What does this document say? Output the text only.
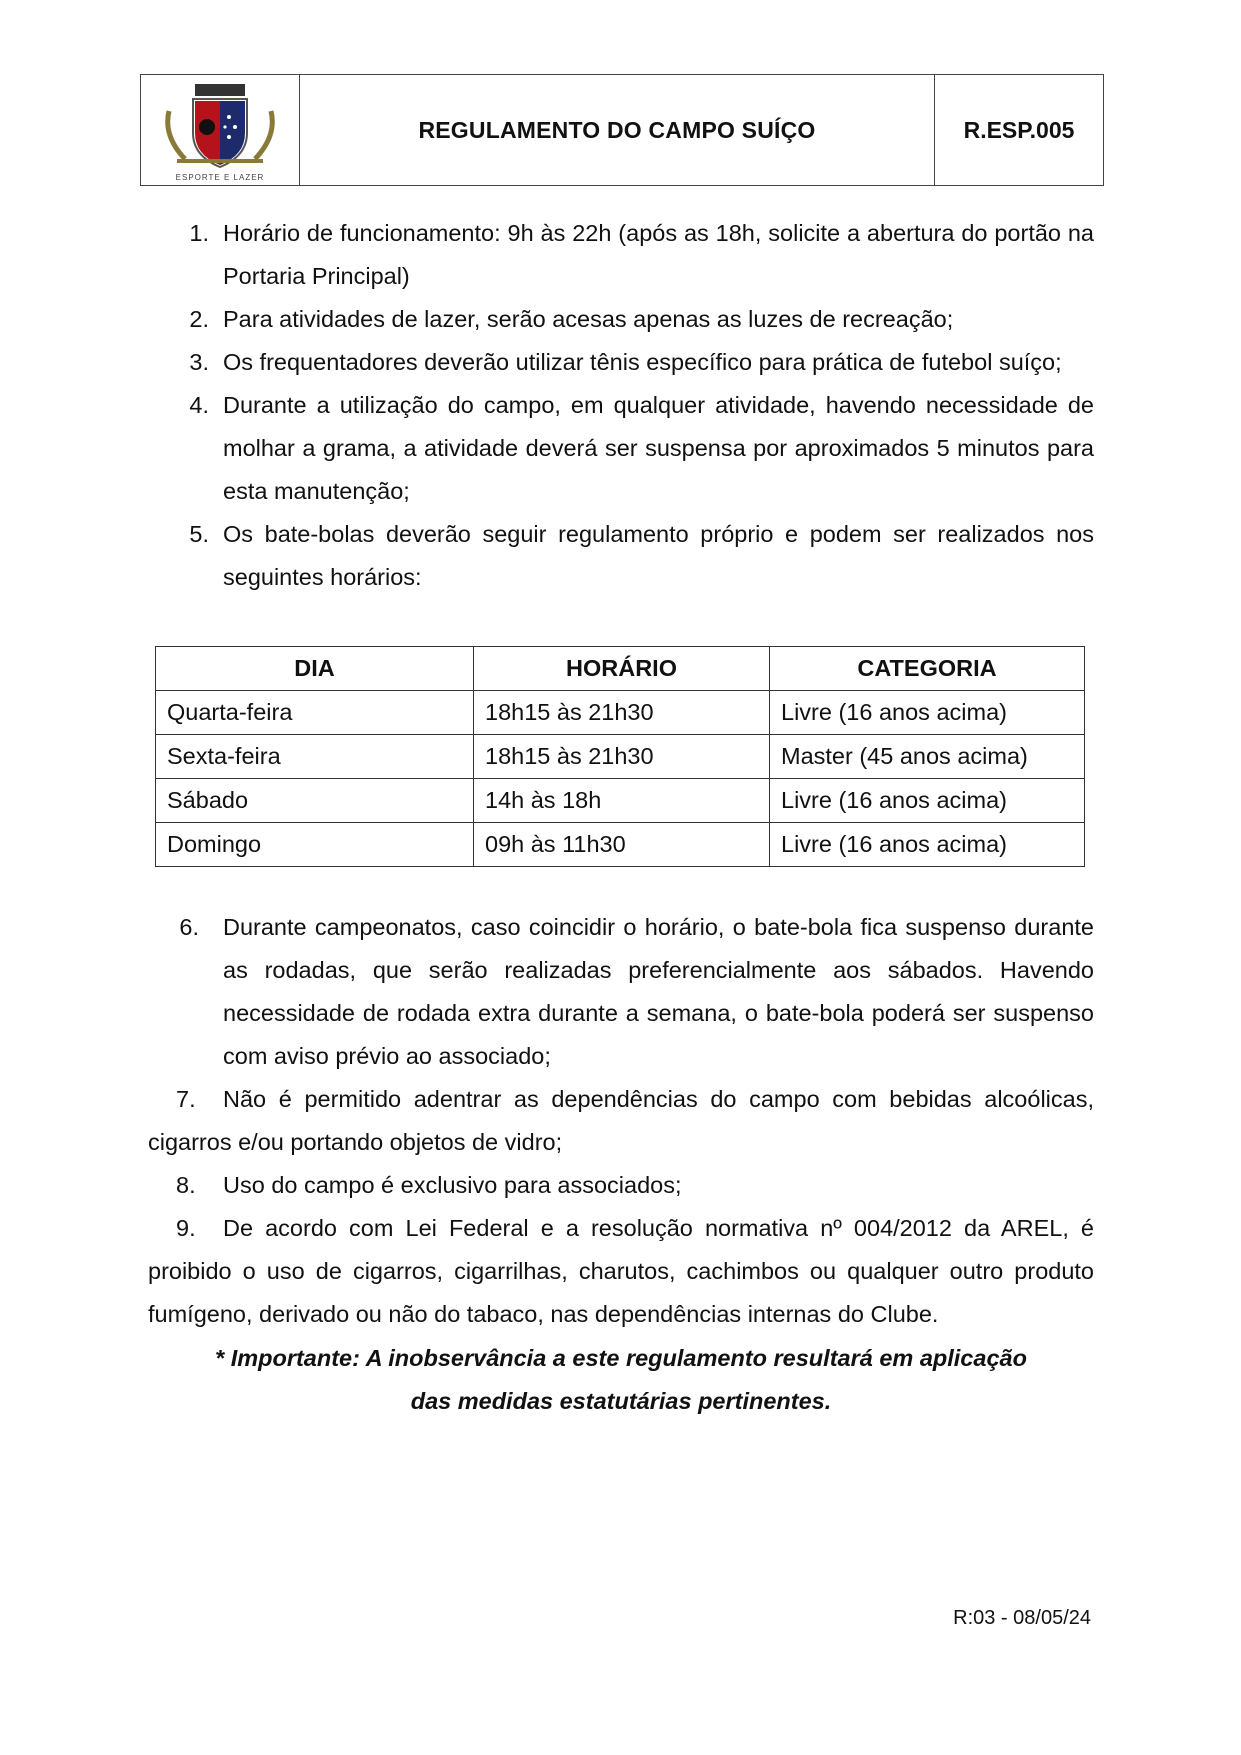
ESPORTE E LAZER
REGULAMENTO DO CAMPO SUÍÇO	R.ESP.005
1. Horário de funcionamento: 9h às 22h (após as 18h, solicite a abertura do portão na Portaria Principal)
2. Para atividades de lazer, serão acesas apenas as luzes de recreação;
3. Os frequentadores deverão utilizar tênis específico para prática de futebol suíço;
4. Durante a utilização do campo, em qualquer atividade, havendo necessidade de molhar a grama, a atividade deverá ser suspensa por aproximados 5 minutos para esta manutenção;
5. Os bate-bolas deverão seguir regulamento próprio e podem ser realizados nos seguintes horários:
DIA	HORÁRIO	CATEGORIA
Quarta-feira	18h15 às 21h30	Livre (16 anos acima)
Sexta-feira	18h15 às 21h30	Master (45 anos acima)
Sábado	14h às 18h	Livre (16 anos acima)
Domingo	09h às 11h30	Livre (16 anos acima)
6.	Durante campeonatos, caso coincidir o horário, o bate-bola fica suspenso durante as rodadas, que serão realizadas preferencialmente aos sábados. Havendo necessidade de rodada extra durante a semana, o bate-bola poderá ser suspenso com aviso prévio ao associado;
7. Não é permitido adentrar as dependências do campo com bebidas alcoólicas, cigarros e/ou portando objetos de vidro;
8. Uso do campo é exclusivo para associados;
9. De acordo com Lei Federal e a resolução normativa nº 004/2012 da AREL, é proibido o uso de cigarros, cigarrilhas, charutos, cachimbos ou qualquer outro produto fumígeno, derivado ou não do tabaco, nas dependências internas do Clube.
* Importante: A inobservância a este regulamento resultará em aplicação
das medidas estatutárias pertinentes.
R:03 - 08/05/24
